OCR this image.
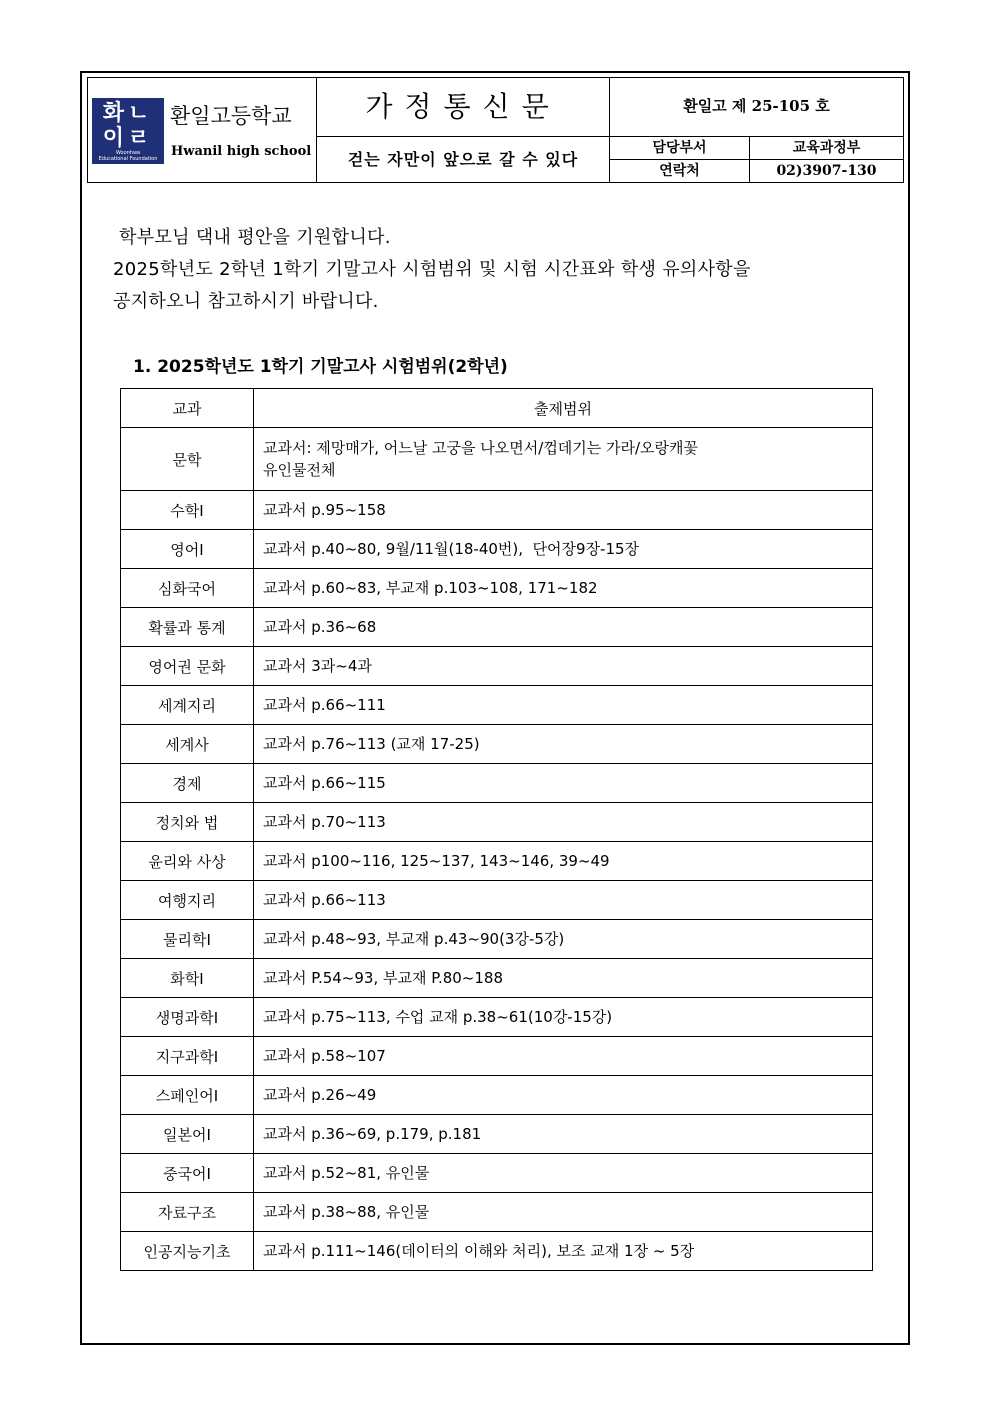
화ㄴ
이ㄹ
Woonhwa
Educational Foundation
환일고등학교
Hwanil high school
가정통신문	환일고 제 25-105 호
걷는 자만이 앞으로 갈 수 있다
담당부서	교육과정부
연락처	02)3907-130
학부모님 댁내 평안을 기원합니다.
2025학년도 2학년 1학기 기말고사 시험범위 및 시험 시간표와 학생 유의사항을
공지하오니 참고하시기 바랍니다.
1. 2025학년도 1학기 기말고사 시험범위(2학년)
교과	출제범위
문학	교과서: 제망매가, 어느날 고궁을 나오면서/껍데기는 가라/오랑캐꽃
유인물전체

수학Ⅰ	교과서 p.95~158

영어Ⅰ	교과서 p.40~80, 9월/11월(18-40번),  단어장9장-15장

심화국어	교과서 p.60~83, 부교재 p.103~108, 171~182

확률과 통계	교과서 p.36~68

영어권 문화	교과서 3과~4과

세계지리	교과서 p.66~111

세계사	교과서 p.76~113 (교재 17-25)

경제	교과서 p.66~115

정치와 법	교과서 p.70~113

윤리와 사상	교과서 p100~116, 125~137, 143~146, 39~49

여행지리	교과서 p.66~113

물리학Ⅰ	교과서 p.48~93, 부교재 p.43~90(3강-5강)

화학Ⅰ	교과서 P.54~93, 부교재 P.80~188

생명과학Ⅰ	교과서 p.75~113, 수업 교재 p.38~61(10강-15강)

지구과학Ⅰ	교과서 p.58~107

스페인어Ⅰ	교과서 p.26~49

일본어Ⅰ	교과서 p.36~69, p.179, p.181

중국어Ⅰ	교과서 p.52~81, 유인물

자료구조	교과서 p.38~88, 유인물

인공지능기초	교과서 p.111~146(데이터의 이해와 처리), 보조 교재 1장 ~ 5장
